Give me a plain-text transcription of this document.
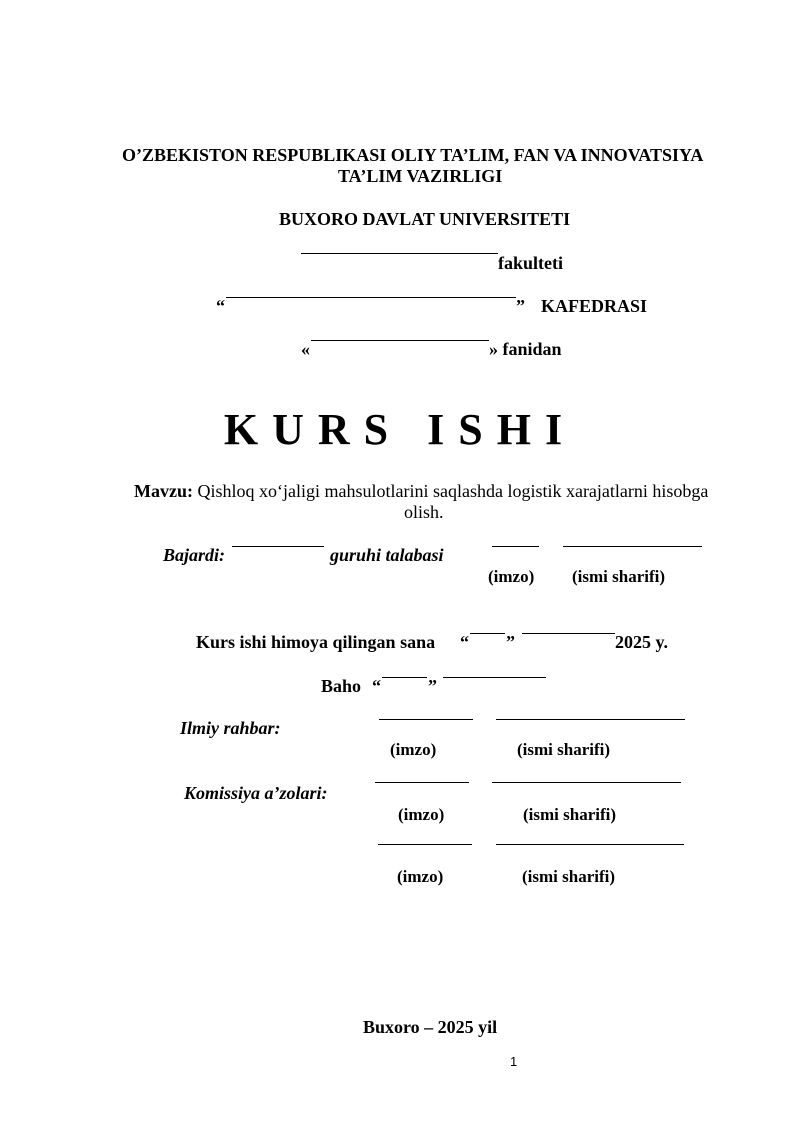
O’ZBEKISTON RESPUBLIKASI OLIY TA’LIM, FAN VA INNOVATSIYA
TA’LIM VAZIRLIGI
BUXORO DAVLAT UNIVERSITETI
fakulteti
“	” KAFEDRASI
«	» fanidan
KURS ISHI
Mavzu: Qishloq xo‘jaligi mahsulotlarini saqlashda logistik xarajatlarni hisobga
olish.
Bajardi:	guruhi talabasi
(imzo) (ismi sharifi)
Kurs ishi himoya qilingan sana “ ”	2025 y.
Baho “	”
Ilmiy rahbar:
(imzo)	(ismi sharifi)
Komissiya a’zolari:
(imzo)	(ismi sharifi)
(imzo)	(ismi sharifi)
Buxoro – 2025 yil
1
